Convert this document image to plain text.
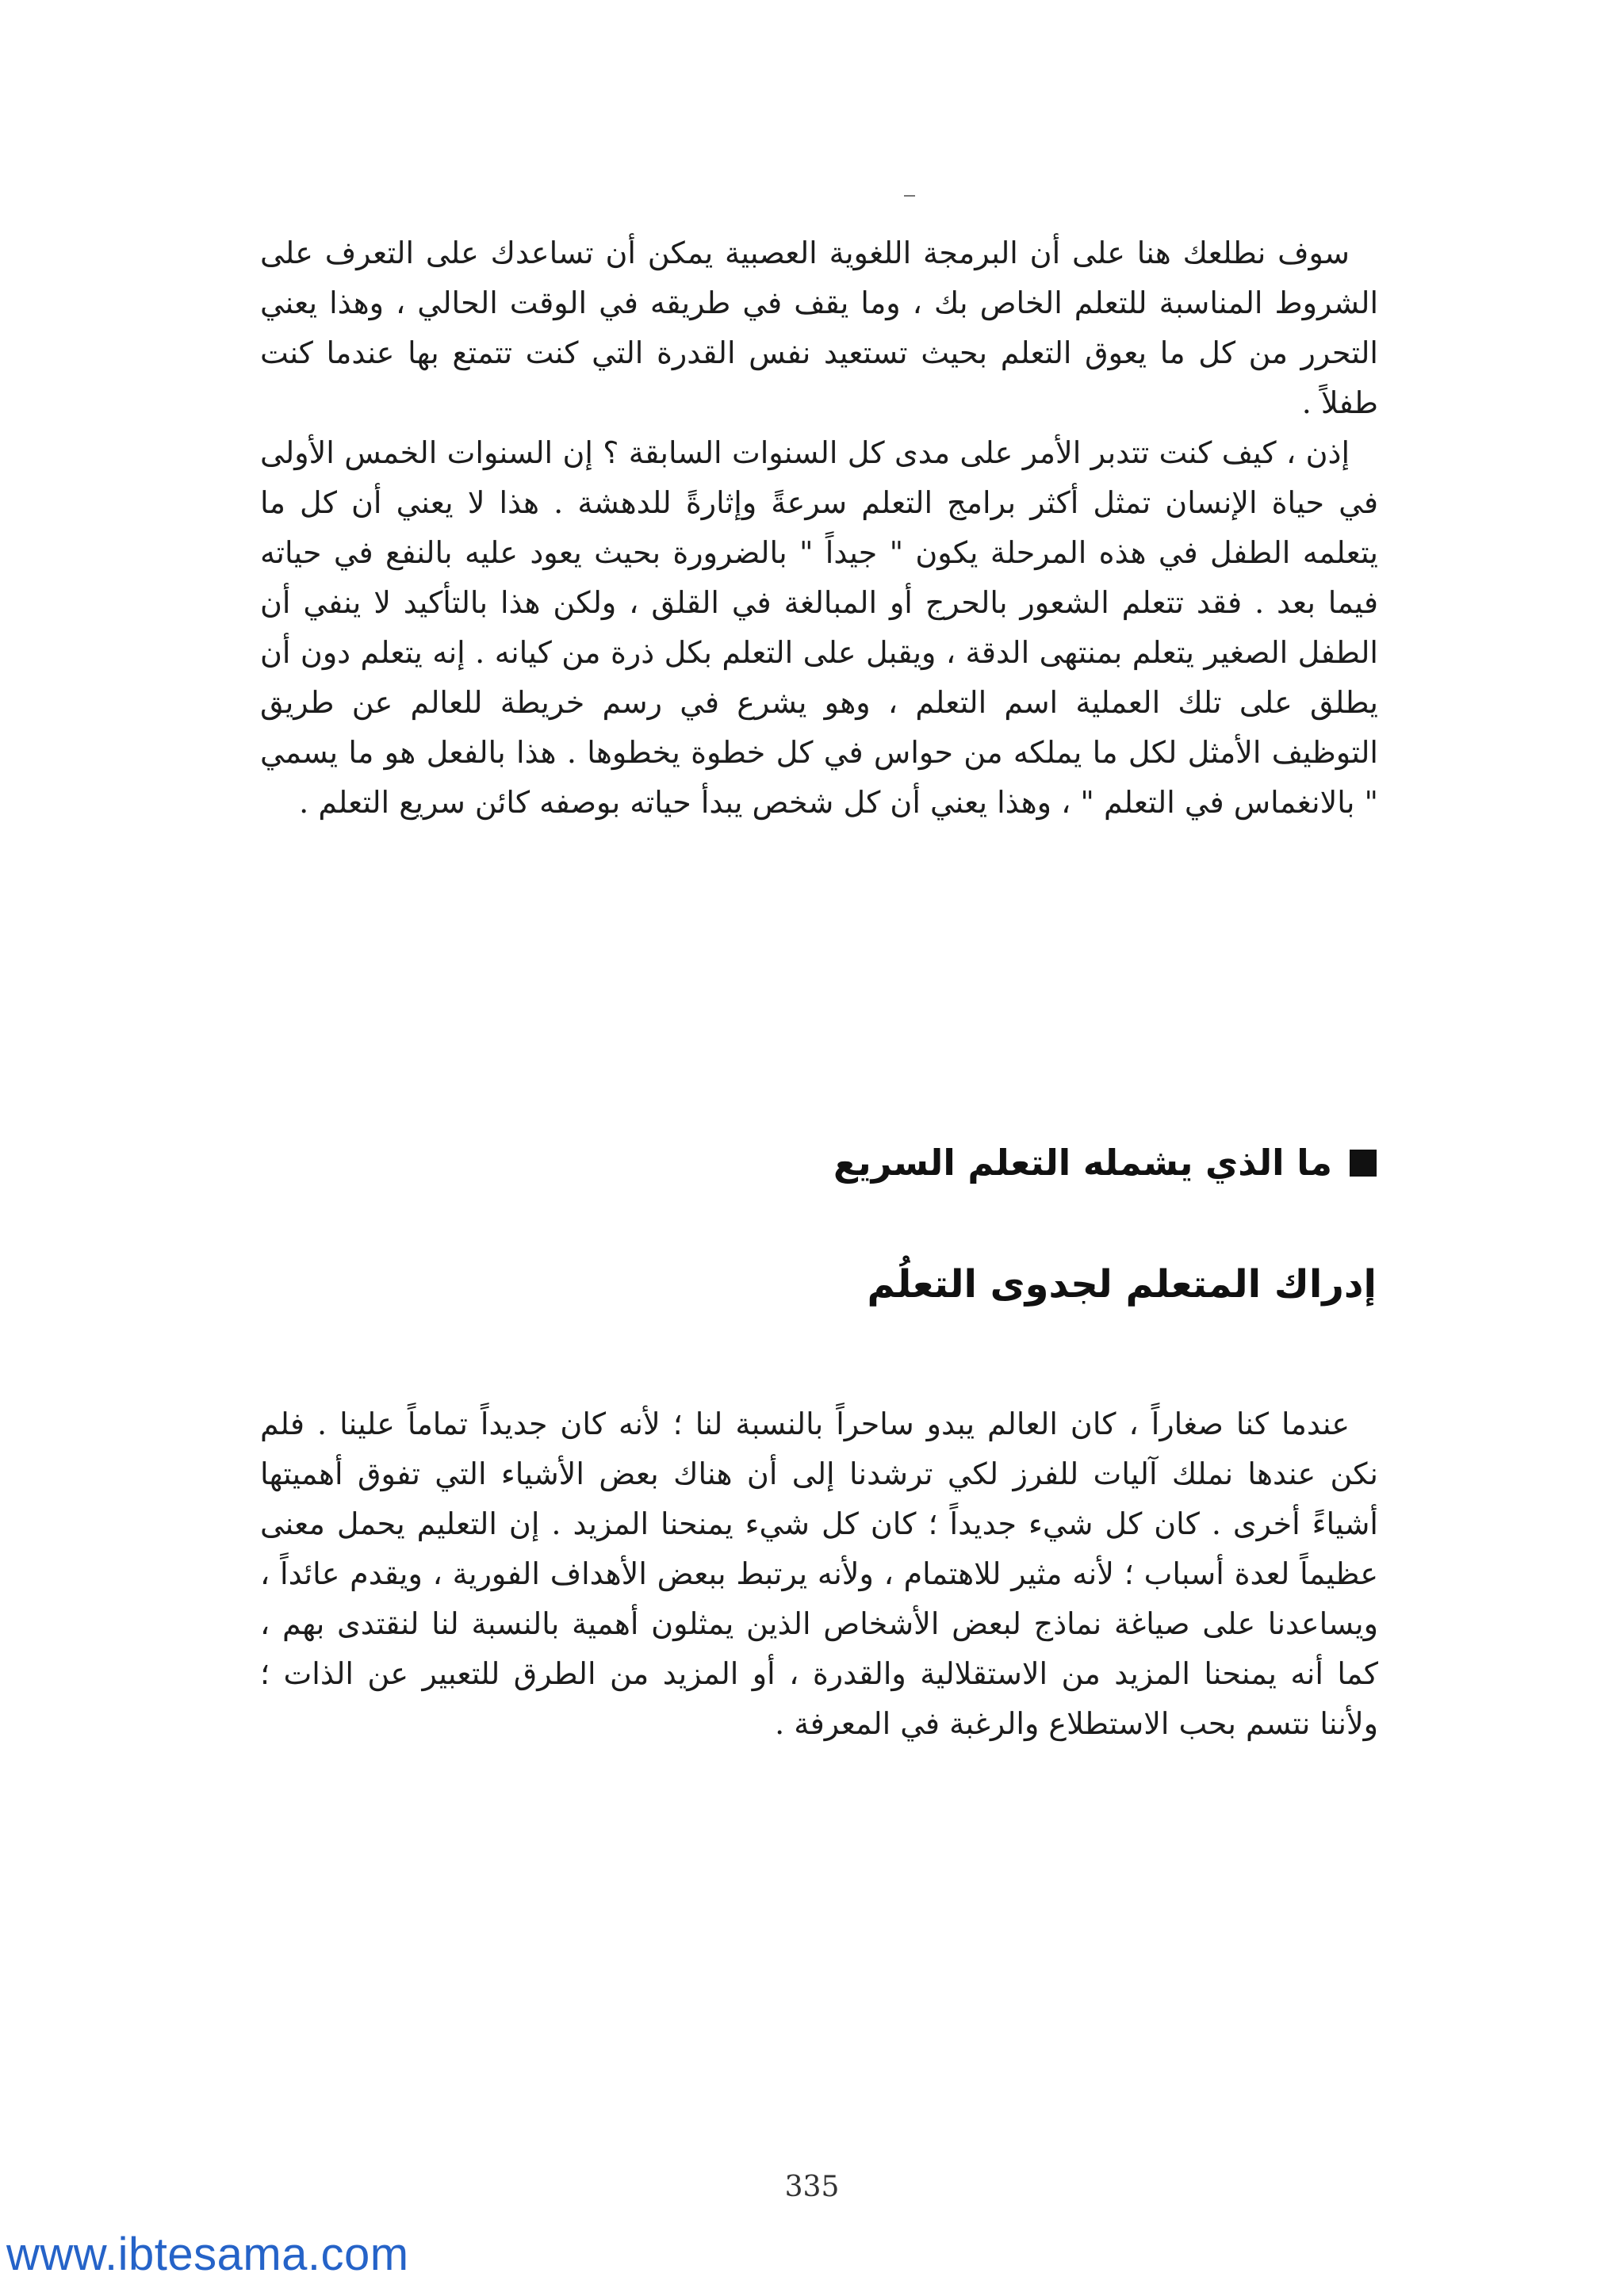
سوف نطلعك هنا على أن البرمجة اللغوية العصبية يمكن أن تساعدك على التعرف على الشروط المناسبة للتعلم الخاص بك ، وما يقف في طريقه في الوقت الحالي ، وهذا يعني التحرر من كل ما يعوق التعلم بحيث تستعيد نفس القدرة التي كنت تتمتع بها عندما كنت طفلاً .

إذن ، كيف كنت تتدبر الأمر على مدى كل السنوات السابقة ؟ إن السنوات الخمس الأولى في حياة الإنسان تمثل أكثر برامج التعلم سرعةً وإثارةً للدهشة . هذا لا يعني أن كل ما يتعلمه الطفل في هذه المرحلة يكون " جيداً " بالضرورة بحيث يعود عليه بالنفع في حياته فيما بعد . فقد تتعلم الشعور بالحرج أو المبالغة في القلق ، ولكن هذا بالتأكيد لا ينفي أن الطفل الصغير يتعلم بمنتهى الدقة ، ويقبل على التعلم بكل ذرة من كيانه . إنه يتعلم دون أن يطلق على تلك العملية اسم التعلم ، وهو يشرع في رسم خريطة للعالم عن طريق التوظيف الأمثل لكل ما يملكه من حواس في كل خطوة يخطوها . هذا بالفعل هو ما يسمي " بالانغماس في التعلم " ، وهذا يعني أن كل شخص يبدأ حياته بوصفه كائن سريع التعلم .

ما الذي يشمله التعلم السريع
إدراك المتعلم لجدوى التعلُم

عندما كنا صغاراً ، كان العالم يبدو ساحراً بالنسبة لنا ؛ لأنه كان جديداً تماماً علينا . فلم نكن عندها نملك آليات للفرز لكي ترشدنا إلى أن هناك بعض الأشياء التي تفوق أهميتها أشياءً أخرى . كان كل شيء جديداً ؛ كان كل شيء يمنحنا المزيد . إن التعليم يحمل معنى عظيماً لعدة أسباب ؛ لأنه مثير للاهتمام ، ولأنه يرتبط ببعض الأهداف الفورية ، ويقدم عائداً ، ويساعدنا على صياغة نماذج لبعض الأشخاص الذين يمثلون أهمية بالنسبة لنا لنقتدى بهم ، كما أنه يمنحنا المزيد من الاستقلالية والقدرة ، أو المزيد من الطرق للتعبير عن الذات ؛ ولأننا نتسم بحب الاستطلاع والرغبة في المعرفة .

335
www.ibtesama.com
